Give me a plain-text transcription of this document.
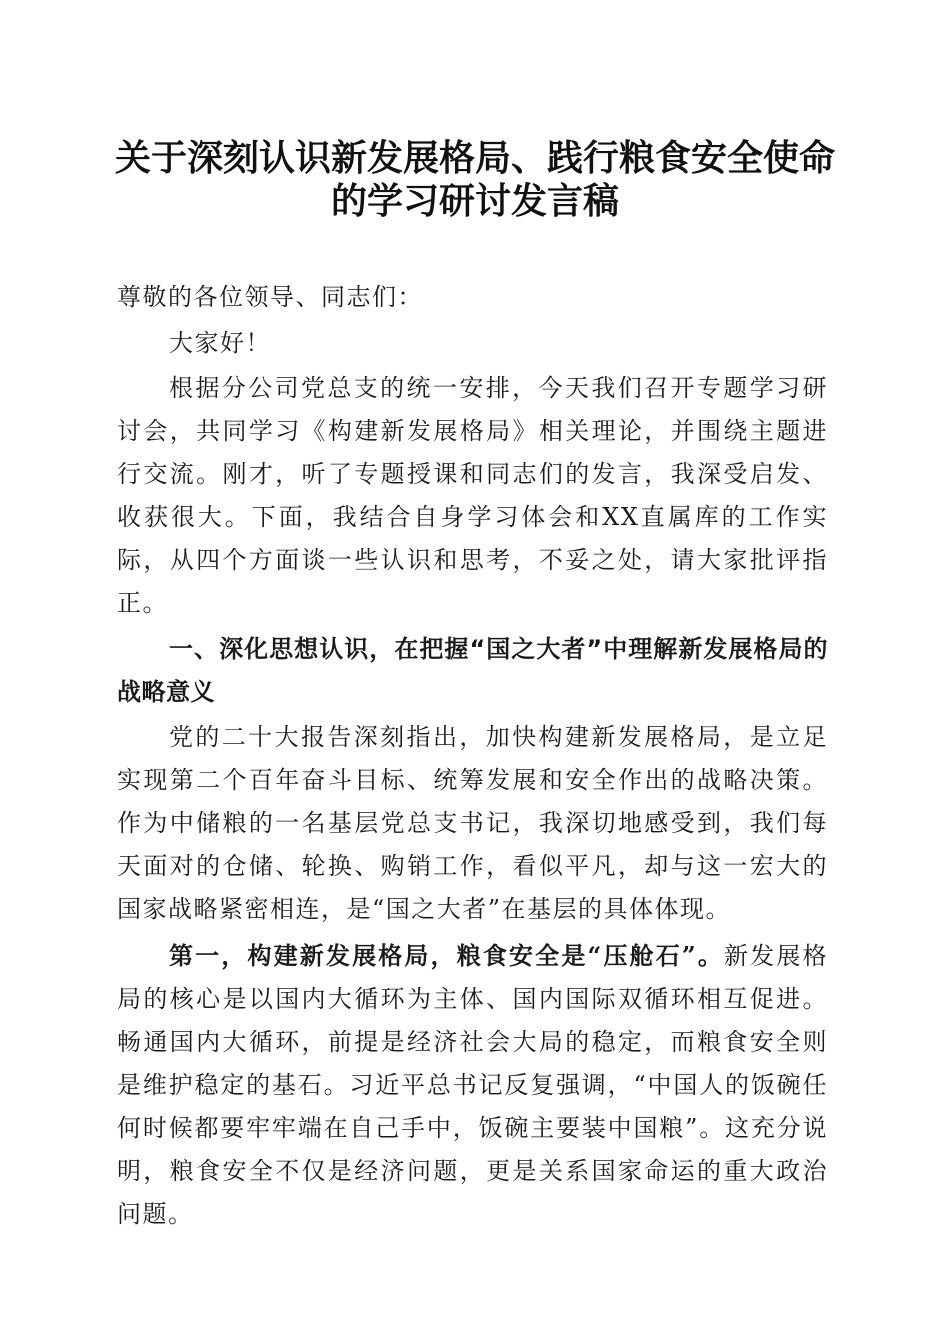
关于深刻认识新发展格局、践行粮食安全使命
的学习研讨发言稿

尊敬的各位领导、同志们：

大家好！

根据分公司党总支的统一安排，今天我们召开专题学习研讨会，共同学习《构建新发展格局》相关理论，并围绕主题进行交流。刚才，听了专题授课和同志们的发言，我深受启发、收获很大。下面，我结合自身学习体会和XX直属库的工作实际，从四个方面谈一些认识和思考，不妥之处，请大家批评指正。

一、深化思想认识，在把握“国之大者”中理解新发展格局的战略意义

党的二十大报告深刻指出，加快构建新发展格局，是立足实现第二个百年奋斗目标、统筹发展和安全作出的战略决策。作为中储粮的一名基层党总支书记，我深切地感受到，我们每天面对的仓储、轮换、购销工作，看似平凡，却与这一宏大的国家战略紧密相连，是“国之大者”在基层的具体体现。

第一，构建新发展格局，粮食安全是“压舱石”。新发展格局的核心是以国内大循环为主体、国内国际双循环相互促进。畅通国内大循环，前提是经济社会大局的稳定，而粮食安全则是维护稳定的基石。习近平总书记反复强调，“中国人的饭碗任何时候都要牢牢端在自己手中，饭碗主要装中国粮”。这充分说明，粮食安全不仅是经济问题，更是关系国家命运的重大政治问题。
